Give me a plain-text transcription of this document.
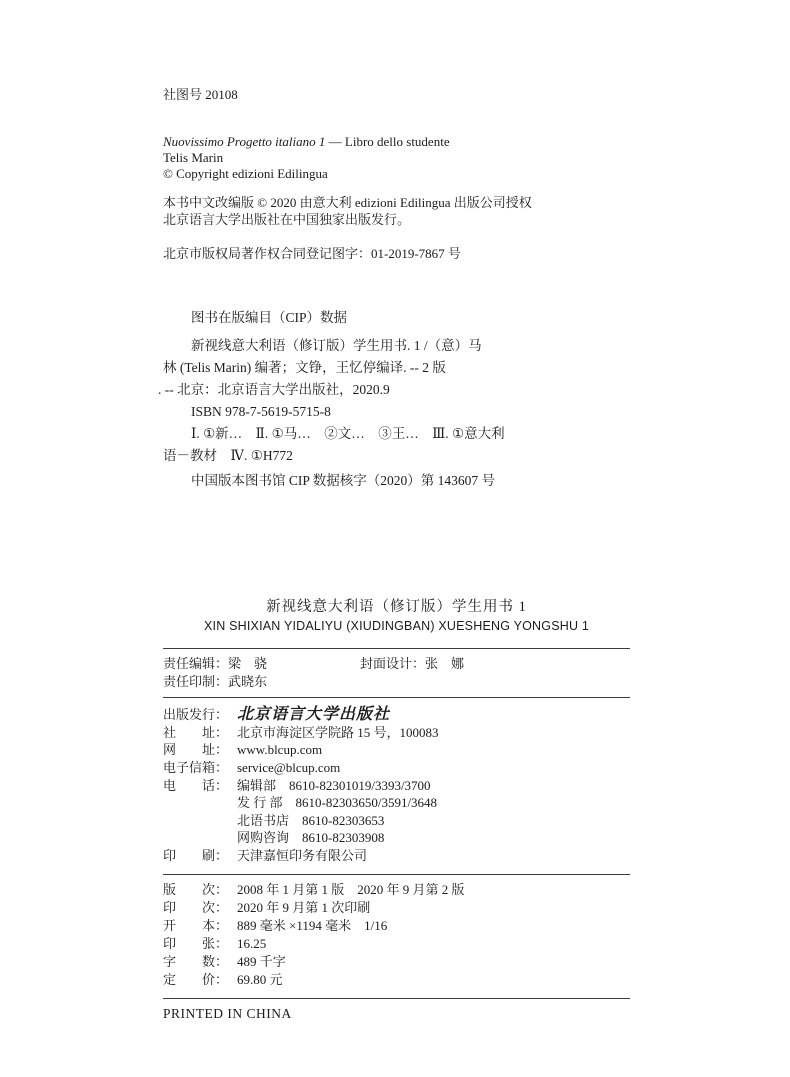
社图号 20108
Nuovissimo Progetto italiano 1 — Libro dello studente
Telis Marin
© Copyright edizioni Edilingua
本书中文改编版 © 2020 由意大利 edizioni Edilingua 出版公司授权
北京语言大学出版社在中国独家出版发行。
北京市版权局著作权合同登记图字：01-2019-7867 号
图书在版编目（CIP）数据
新视线意大利语（修订版）学生用书. 1 /（意）马
林 (Telis Marin) 编著；文铮，王忆停编译. -- 2 版
. -- 北京：北京语言大学出版社，2020.9
ISBN 978-7-5619-5715-8
Ⅰ. ①新…　Ⅱ. ①马…　②文…　③王…　Ⅲ. ①意大利
语－教材　Ⅳ. ①H772
中国版本图书馆 CIP 数据核字（2020）第 143607 号
新视线意大利语（修订版）学生用书 1
XIN SHIXIAN YIDALIYU (XIUDINGBAN) XUESHENG YONGSHU 1
责任编辑：梁　骁	封面设计：张　娜
责任印制：武晓东
出版发行： 北京语言大学出版社
社　　址： 北京市海淀区学院路 15 号，100083
网　　址： www.blcup.com
电子信箱： service@blcup.com
电　　话： 编辑部　8610-82301019/3393/3700
发 行 部　8610-82303650/3591/3648
北语书店　8610-82303653
网购咨询　8610-82303908
印　　刷： 天津嘉恒印务有限公司
版　　次： 2008 年 1 月第 1 版　2020 年 9 月第 2 版
印　　次： 2020 年 9 月第 1 次印刷
开　　本： 889 毫米 ×1194 毫米　1/16
印　　张： 16.25
字　　数： 489 千字
定　　价： 69.80 元
PRINTED IN CHINA
